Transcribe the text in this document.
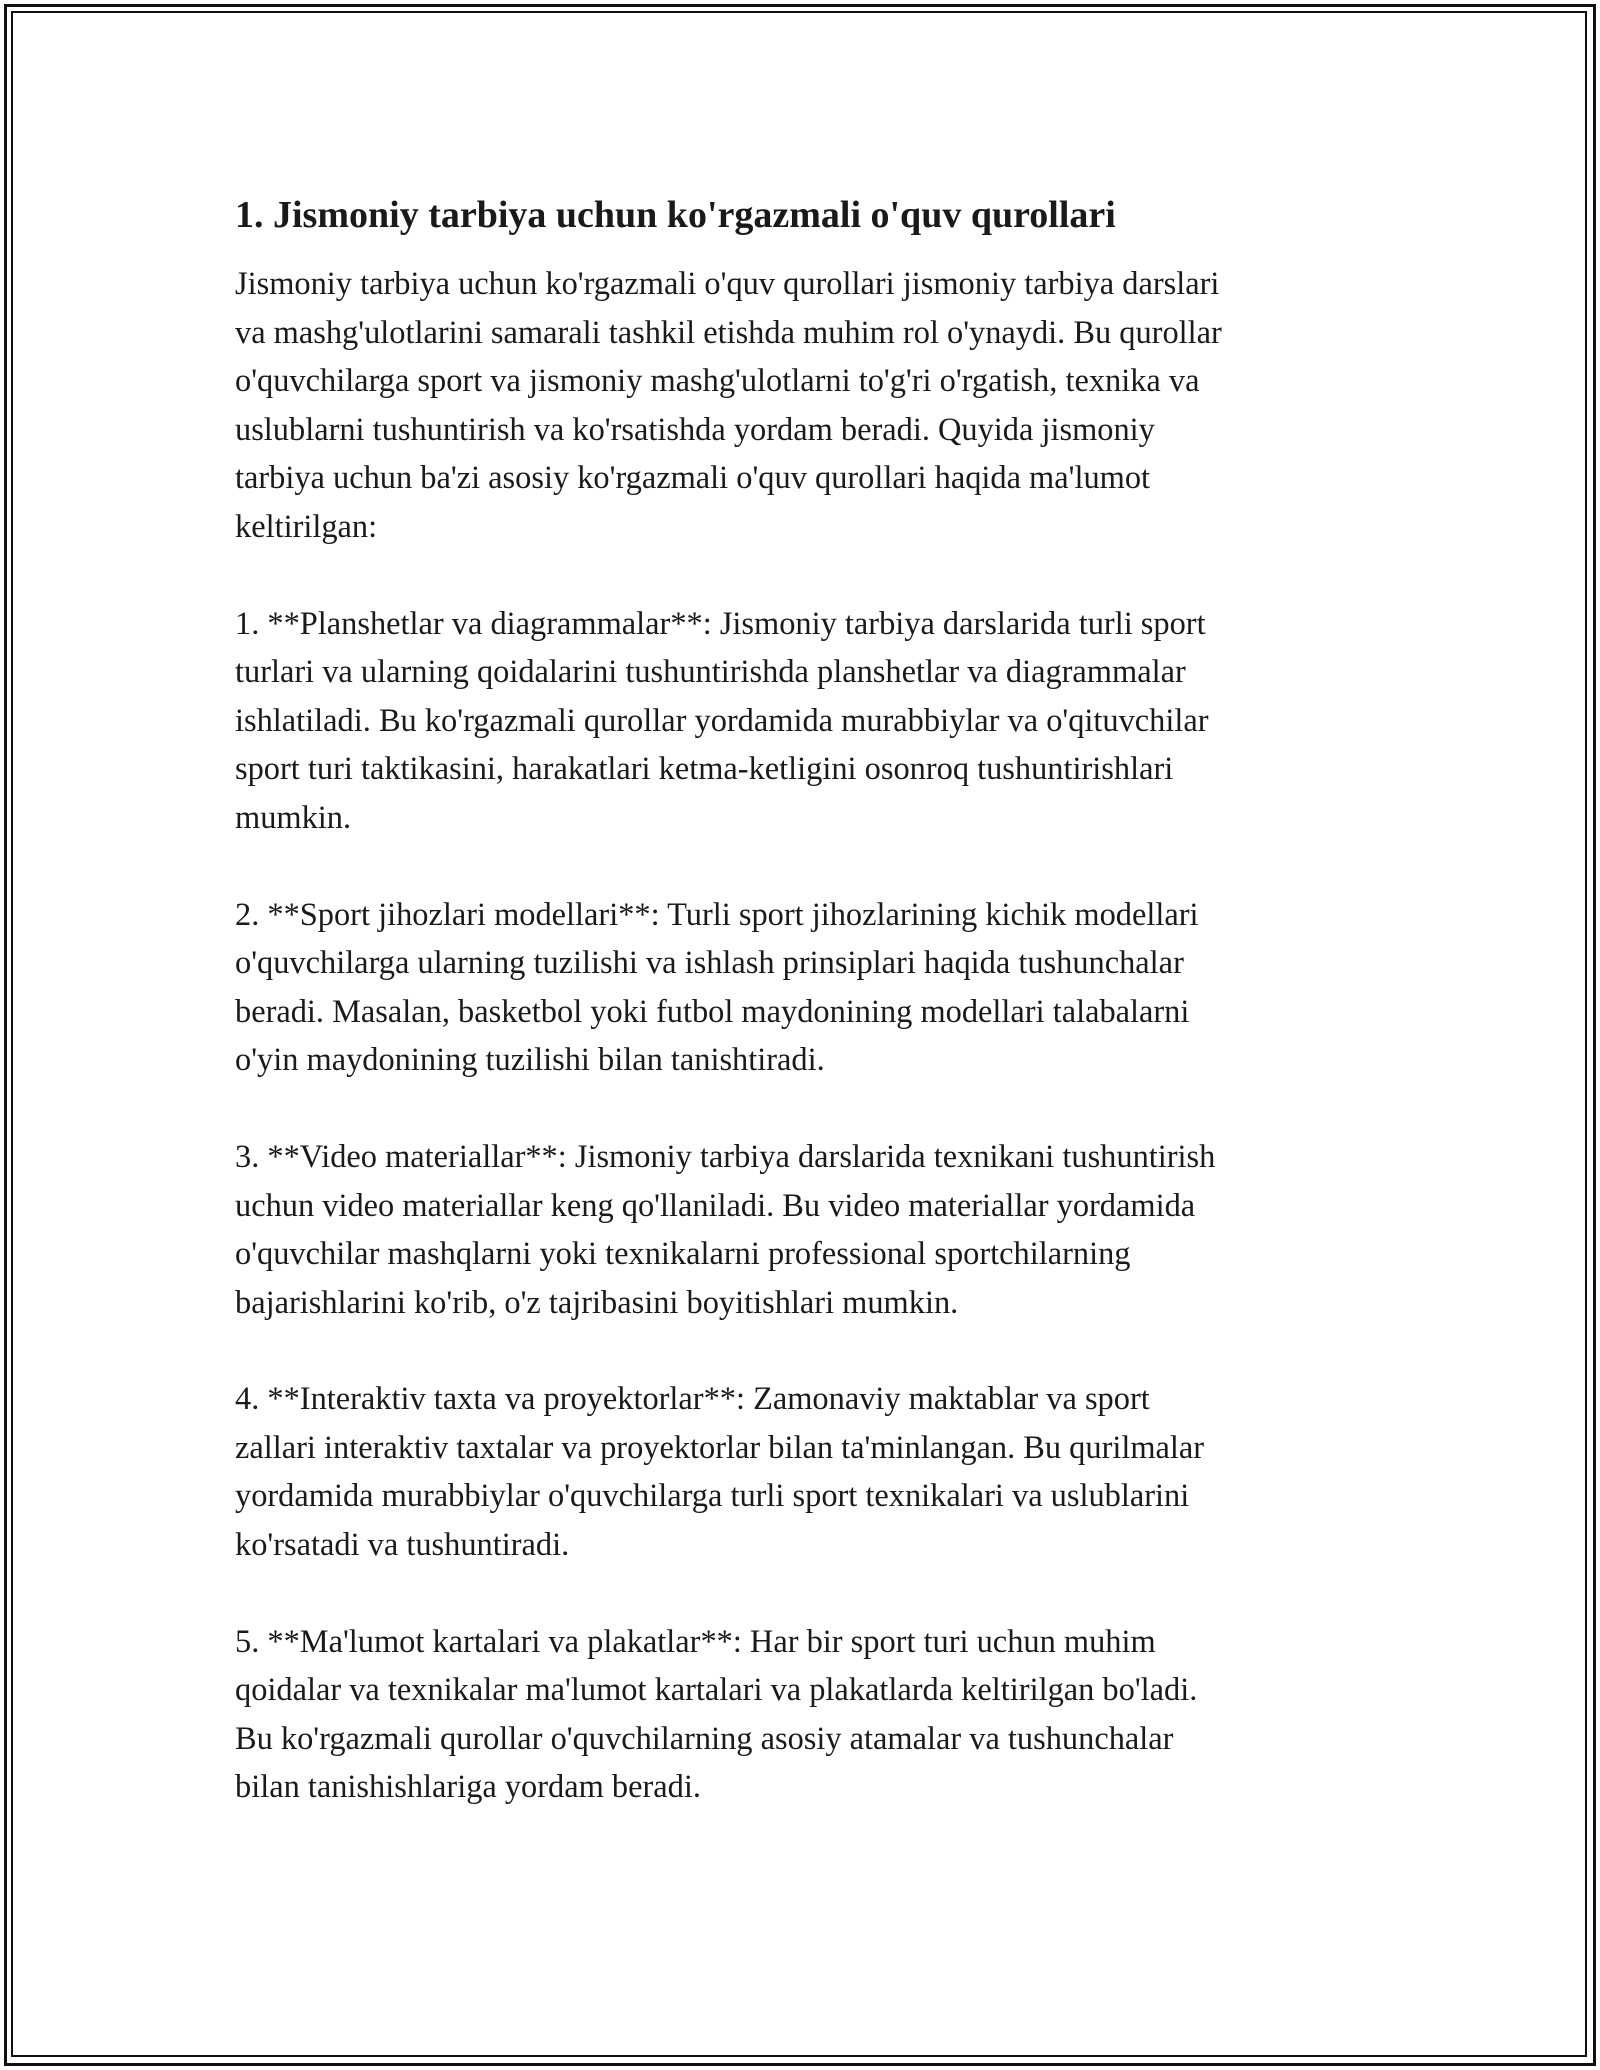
1. Jismoniy tarbiya uchun ko'rgazmali o'quv qurollari

Jismoniy tarbiya uchun ko'rgazmali o'quv qurollari jismoniy tarbiya darslari
va mashg'ulotlarini samarali tashkil etishda muhim rol o'ynaydi. Bu qurollar
o'quvchilarga sport va jismoniy mashg'ulotlarni to'g'ri o'rgatish, texnika va
uslublarni tushuntirish va ko'rsatishda yordam beradi. Quyida jismoniy
tarbiya uchun ba'zi asosiy ko'rgazmali o'quv qurollari haqida ma'lumot
keltirilgan:

1. **Planshetlar va diagrammalar**: Jismoniy tarbiya darslarida turli sport
turlari va ularning qoidalarini tushuntirishda planshetlar va diagrammalar
ishlatiladi. Bu ko'rgazmali qurollar yordamida murabbiylar va o'qituvchilar
sport turi taktikasini, harakatlari ketma-ketligini osonroq tushuntirishlari
mumkin.

2. **Sport jihozlari modellari**: Turli sport jihozlarining kichik modellari
o'quvchilarga ularning tuzilishi va ishlash prinsiplari haqida tushunchalar
beradi. Masalan, basketbol yoki futbol maydonining modellari talabalarni
o'yin maydonining tuzilishi bilan tanishtiradi.

3. **Video materiallar**: Jismoniy tarbiya darslarida texnikani tushuntirish
uchun video materiallar keng qo'llaniladi. Bu video materiallar yordamida
o'quvchilar mashqlarni yoki texnikalarni professional sportchilarning
bajarishlarini ko'rib, o'z tajribasini boyitishlari mumkin.

4. **Interaktiv taxta va proyektorlar**: Zamonaviy maktablar va sport
zallari interaktiv taxtalar va proyektorlar bilan ta'minlangan. Bu qurilmalar
yordamida murabbiylar o'quvchilarga turli sport texnikalari va uslublarini
ko'rsatadi va tushuntiradi.

5. **Ma'lumot kartalari va plakatlar**: Har bir sport turi uchun muhim
qoidalar va texnikalar ma'lumot kartalari va plakatlarda keltirilgan bo'ladi.
Bu ko'rgazmali qurollar o'quvchilarning asosiy atamalar va tushunchalar
bilan tanishishlariga yordam beradi.
